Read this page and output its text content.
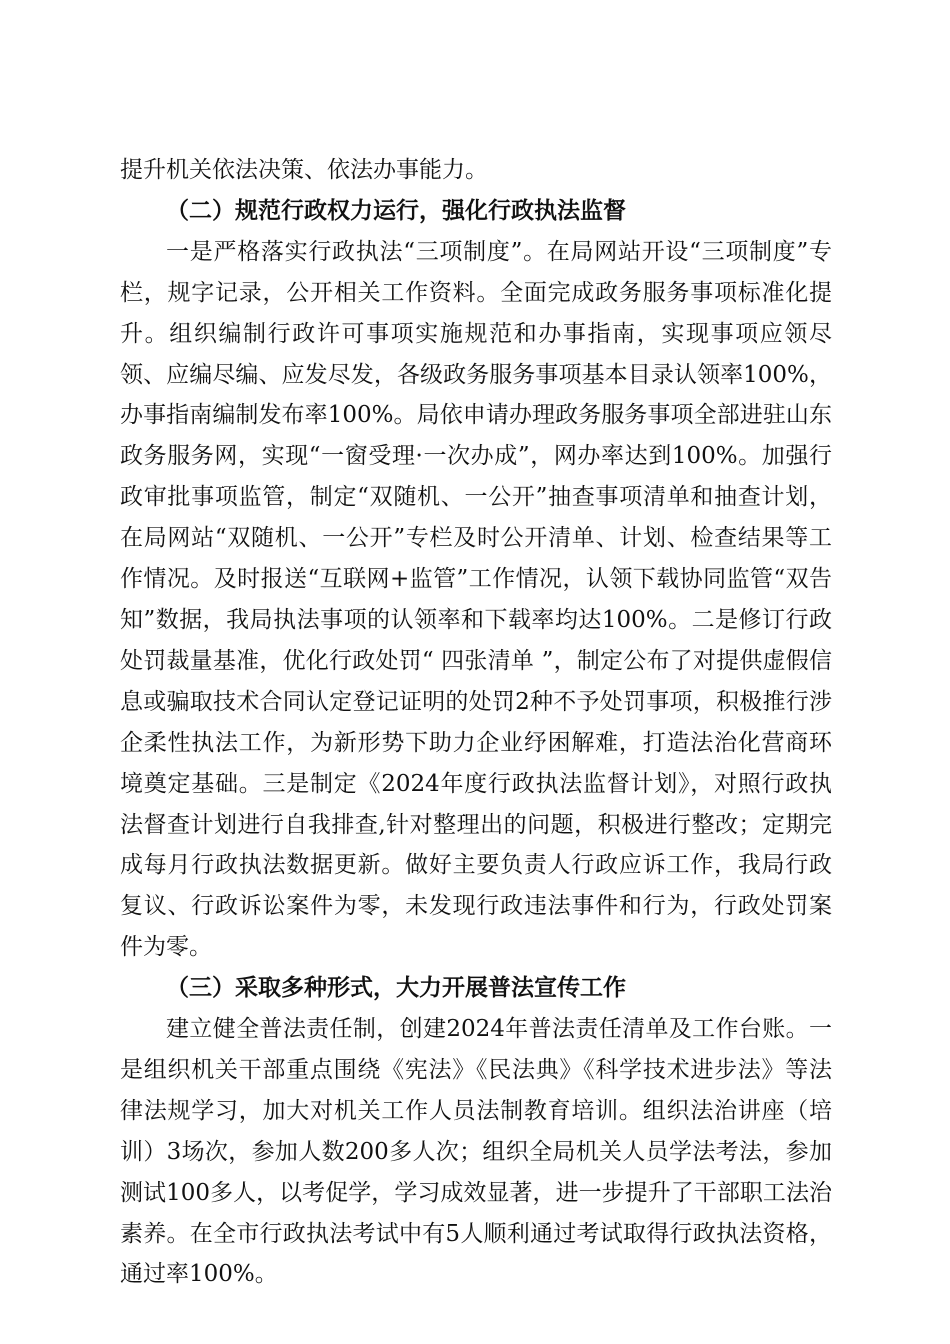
提升机关依法决策、依法办事能力。

（二）规范行政权力运行，强化行政执法监督

一是严格落实行政执法“三项制度”。在局网站开设“三项制度”专栏，规字记录，公开相关工作资料。全面完成政务服务事项标准化提升。组织编制行政许可事项实施规范和办事指南，实现事项应领尽领、应编尽编、应发尽发，各级政务服务事项基本目录认领率100%，办事指南编制发布率100%。局依申请办理政务服务事项全部进驻山东政务服务网，实现“一窗受理·一次办成”，网办率达到100%。加强行政审批事项监管，制定“双随机、一公开”抽查事项清单和抽查计划，在局网站“双随机、一公开”专栏及时公开清单、计划、检查结果等工作情况。及时报送“互联网+监管”工作情况，认领下载协同监管“双告知”数据，我局执法事项的认领率和下载率均达100%。二是修订行政处罚裁量基准，优化行政处罚“ 四张清单 ”，制定公布了对提供虚假信息或骗取技术合同认定登记证明的处罚2种不予处罚事项，积极推行涉企柔性执法工作，为新形势下助力企业纾困解难，打造法治化营商环境奠定基础。三是制定《2024年度行政执法监督计划》，对照行政执法督查计划进行自我排查,针对整理出的问题，积极进行整改；定期完成每月行政执法数据更新。做好主要负责人行政应诉工作，我局行政复议、行政诉讼案件为零，未发现行政违法事件和行为，行政处罚案件为零。

（三）采取多种形式，大力开展普法宣传工作

建立健全普法责任制，创建2024年普法责任清单及工作台账。一是组织机关干部重点围绕《宪法》《民法典》《科学技术进步法》等法律法规学习，加大对机关工作人员法制教育培训。组织法治讲座（培训）3场次，参加人数200多人次；组织全局机关人员学法考法，参加测试100多人，以考促学，学习成效显著，进一步提升了干部职工法治素养。在全市行政执法考试中有5人顺利通过考试取得行政执法资格，通过率100%。
